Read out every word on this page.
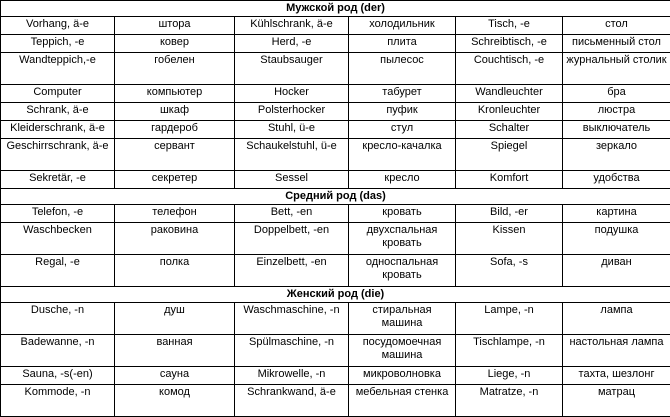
Мужской род (der)					
Vorhang, ä-e	штора	Kühlschrank, ä-e	холодильник	Tisch, -e	стол
Teppich, -e	ковер	Herd, -e	плита	Schreibtisch, -e	письменный стол
Wandteppich,-e	гобелен	Staubsauger	пылесос	Couchtisch, -e	журнальный столик
Computer	компьютер	Hocker	табурет	Wandleuchter	бра
Schrank, ä-e	шкаф	Polsterhocker	пуфик	Kronleuchter	люстра
Kleiderschrank, ä-e	гардероб	Stuhl, ü-e	стул	Schalter	выключатель
Geschirrschrank, ä-e	сервант	Schaukelstuhl, ü-e	кресло-качалка	Spiegel	зеркало
Sekretär, -e	секретер	Sessel	кресло	Komfort	удобства
Средний род (das)					
Telefon, -e	телефон	Bett, -en	кровать	Bild, -er	картина
Waschbecken	раковина	Doppelbett, -en	двухспальная кровать	Kissen	подушка
Regal, -e	полка	Einzelbett, -en	односпальная кровать	Sofa, -s	диван
Женский род (die)					
Dusche, -n	душ	Waschmaschine, -n	стиральная машина	Lampe, -n	лампа
Badewanne, -n	ванная	Spülmaschine, -n	посудомоечная машина	Tischlampe, -n	настольная лампа
Sauna, -s(-en)	сауна	Mikrowelle, -n	микроволновка	Liege, -n	тахта, шезлонг
Kommode, -n	комод	Schrankwand, ä-e	мебельная стенка	Matratze, -n	матрац
